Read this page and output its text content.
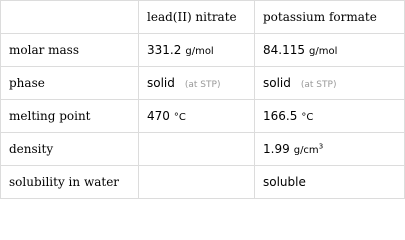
	lead(II) nitrate	potassium formate
molar mass	331.2 g/mol	84.115 g/mol
phase	solid (at STP)	solid (at STP)
melting point	470 °C	166.5 °C
density		1.99 $g/cm^3$
solubility in water		soluble
